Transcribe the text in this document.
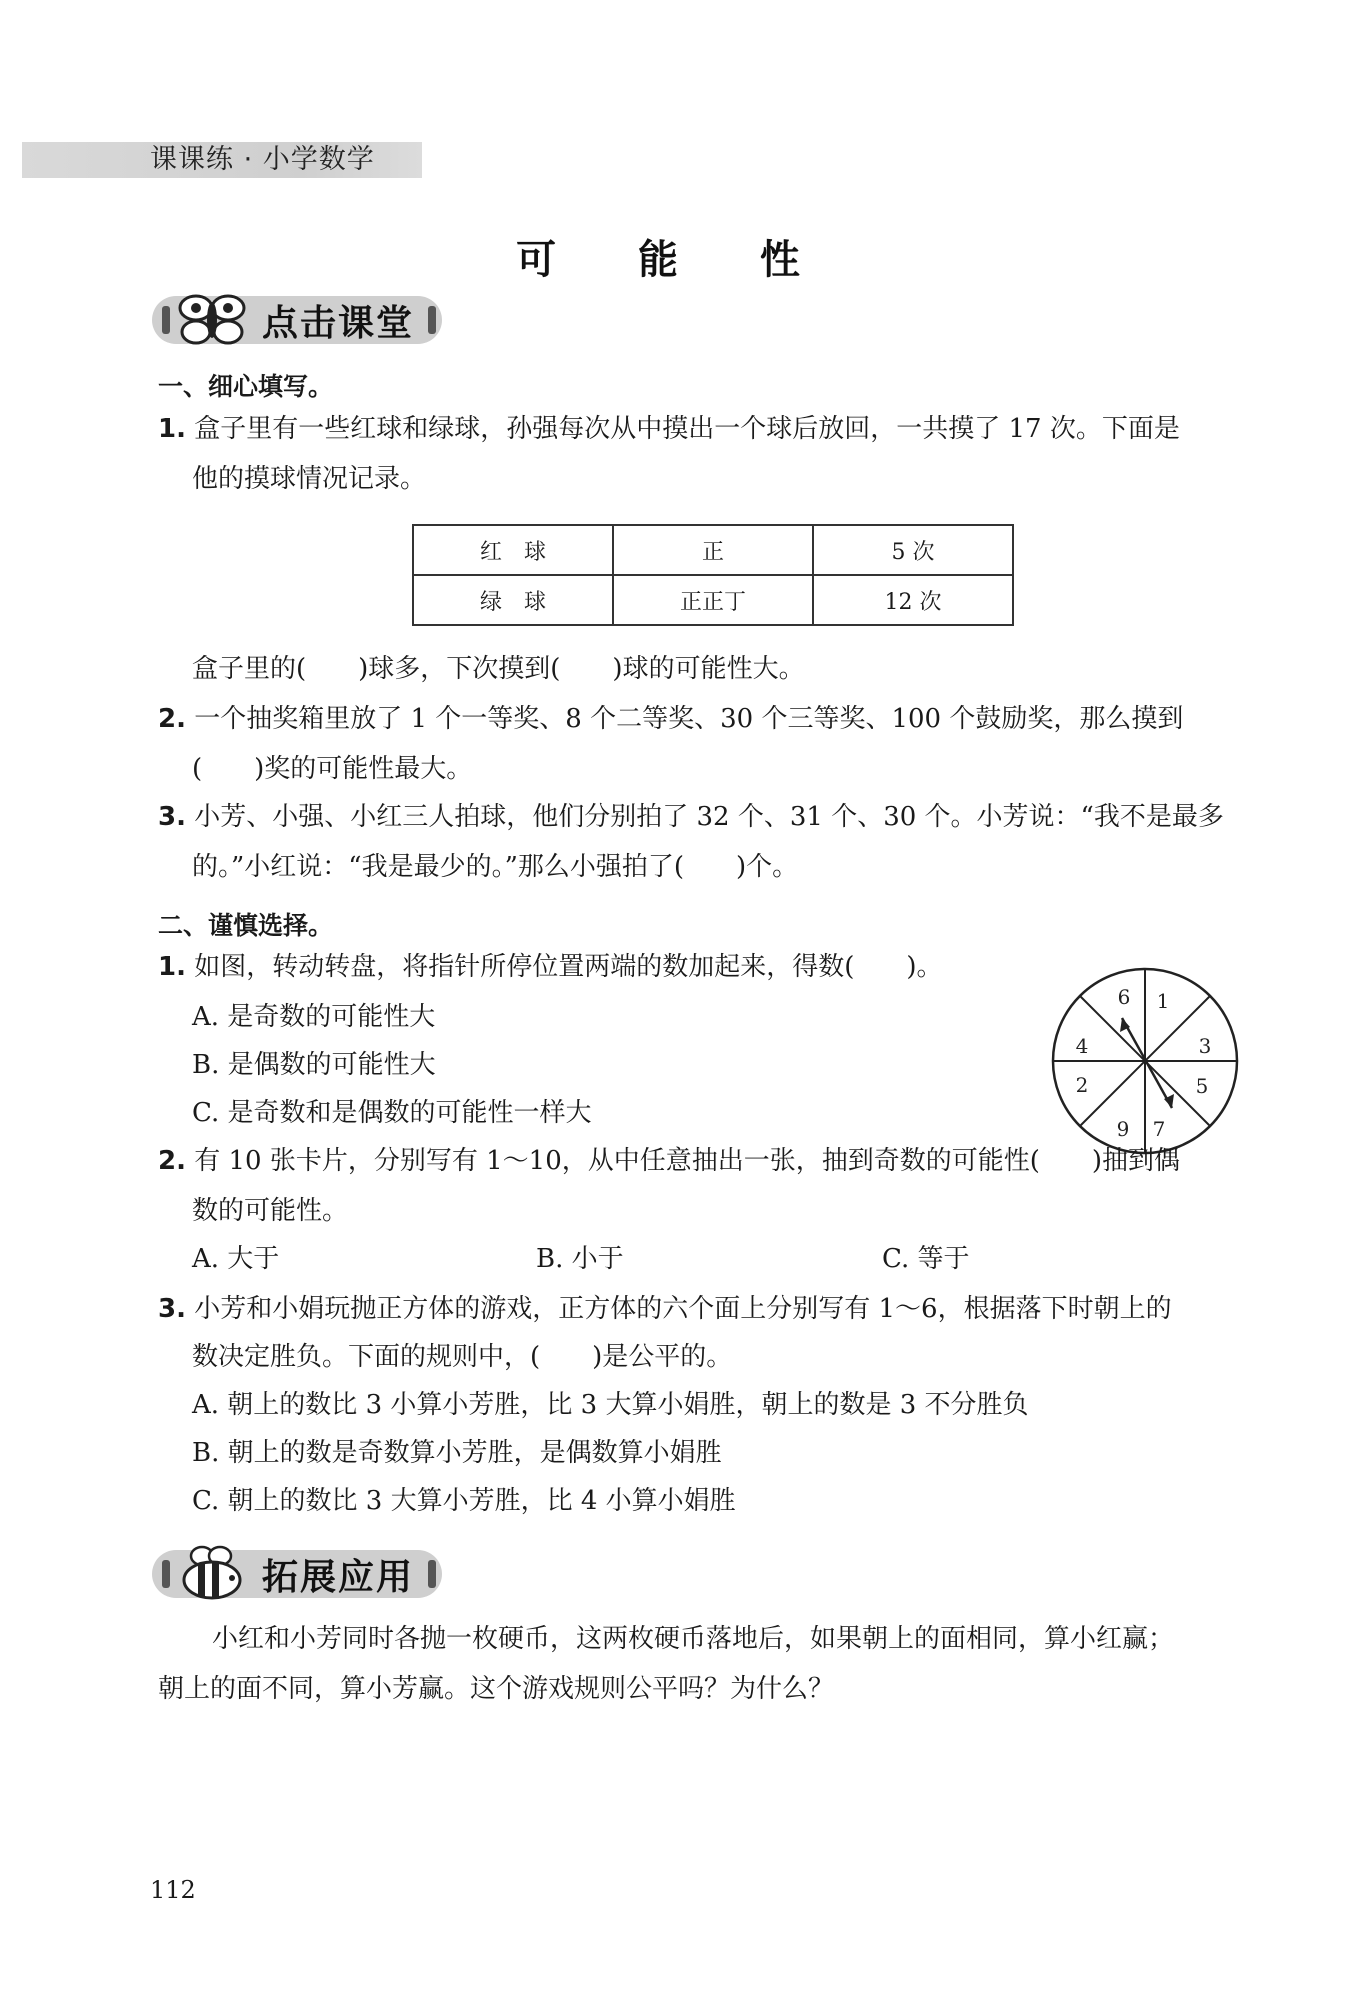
课课练 · 小学数学
可 能 性
点击课堂
一、细心填写。
1. 盒子里有一些红球和绿球，孙强每次从中摸出一个球后放回，一共摸了 17 次。下面是
他的摸球情况记录。
红　球	正	5 次
绿　球	正正丁	12 次
盒子里的(　　)球多，下次摸到(　　)球的可能性大。
2. 一个抽奖箱里放了 1 个一等奖、8 个二等奖、30 个三等奖、100 个鼓励奖，那么摸到
(　　)奖的可能性最大。
3. 小芳、小强、小红三人拍球，他们分别拍了 32 个、31 个、30 个。小芳说：“我不是最多
的。”小红说：“我是最少的。”那么小强拍了(　　)个。
二、谨慎选择。
1. 如图，转动转盘，将指针所停位置两端的数加起来，得数(　　)。
A. 是奇数的可能性大
B. 是偶数的可能性大
C. 是奇数和是偶数的可能性一样大
1
3
5
7
9
2
4
6
2. 有 10 张卡片，分别写有 1～10，从中任意抽出一张，抽到奇数的可能性(　　)抽到偶
数的可能性。
A. 大于	B. 小于	C. 等于
3. 小芳和小娟玩抛正方体的游戏，正方体的六个面上分别写有 1～6，根据落下时朝上的
数决定胜负。下面的规则中，(　　)是公平的。
A. 朝上的数比 3 小算小芳胜，比 3 大算小娟胜，朝上的数是 3 不分胜负
B. 朝上的数是奇数算小芳胜，是偶数算小娟胜
C. 朝上的数比 3 大算小芳胜，比 4 小算小娟胜
拓展应用
小红和小芳同时各抛一枚硬币，这两枚硬币落地后，如果朝上的面相同，算小红赢；
朝上的面不同，算小芳赢。这个游戏规则公平吗？为什么？
112
